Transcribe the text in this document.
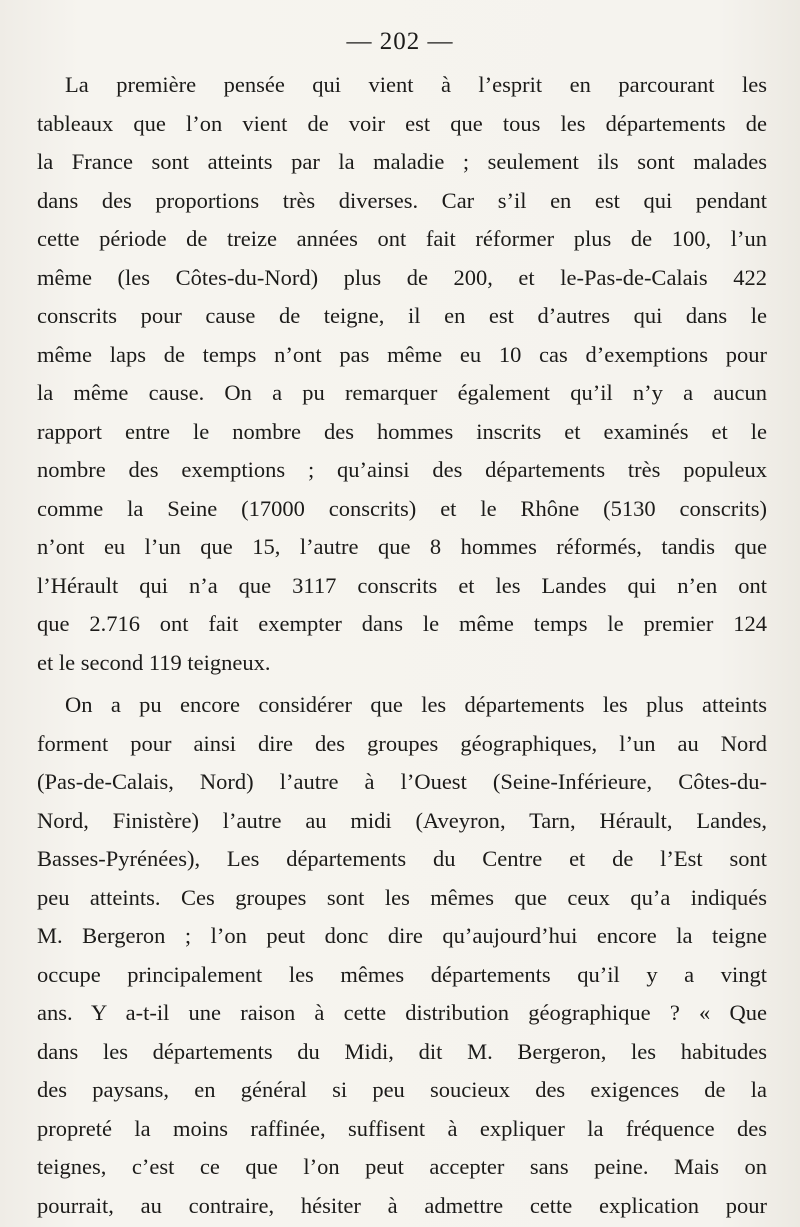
— 202 —
La première pensée qui vient à l’esprit en parcourant les
tableaux que l’on vient de voir est que tous les départements de
la France sont atteints par la maladie ; seulement ils sont malades
dans des proportions très diverses. Car s’il en est qui pendant
cette période de treize années ont fait réformer plus de 100, l’un
même (les Côtes-du-Nord) plus de 200, et le-Pas-de-Calais 422
conscrits pour cause de teigne, il en est d’autres qui dans le
même laps de temps n’ont pas même eu 10 cas d’exemptions pour
la même cause. On a pu remarquer également qu’il n’y a aucun
rapport entre le nombre des hommes inscrits et examinés et le
nombre des exemptions ; qu’ainsi des départements très populeux
comme la Seine (17000 conscrits) et le Rhône (5130 conscrits)
n’ont eu l’un que 15, l’autre que 8 hommes réformés, tandis que
l’Hérault qui n’a que 3117 conscrits et les Landes qui n’en ont
que 2.716 ont fait exempter dans le même temps le premier 124
et le second 119 teigneux.
On a pu encore considérer que les départements les plus atteints
forment pour ainsi dire des groupes géographiques, l’un au Nord
(Pas-de-Calais, Nord) l’autre à l’Ouest (Seine-Inférieure, Côtes-du-
Nord, Finistère) l’autre au midi (Aveyron, Tarn, Hérault, Landes,
Basses-Pyrénées), Les départements du Centre et de l’Est sont
peu atteints. Ces groupes sont les mêmes que ceux qu’a indiqués
M. Bergeron ; l’on peut donc dire qu’aujourd’hui encore la teigne
occupe principalement les mêmes départements qu’il y a vingt
ans. Y a-t-il une raison à cette distribution géographique ? « Que
dans les départements du Midi, dit M. Bergeron, les habitudes
des paysans, en général si peu soucieux des exigences de la
propreté la moins raffinée, suffisent à expliquer la fréquence des
teignes, c’est ce que l’on peut accepter sans peine. Mais on
pourrait, au contraire, hésiter à admettre cette explication pour
